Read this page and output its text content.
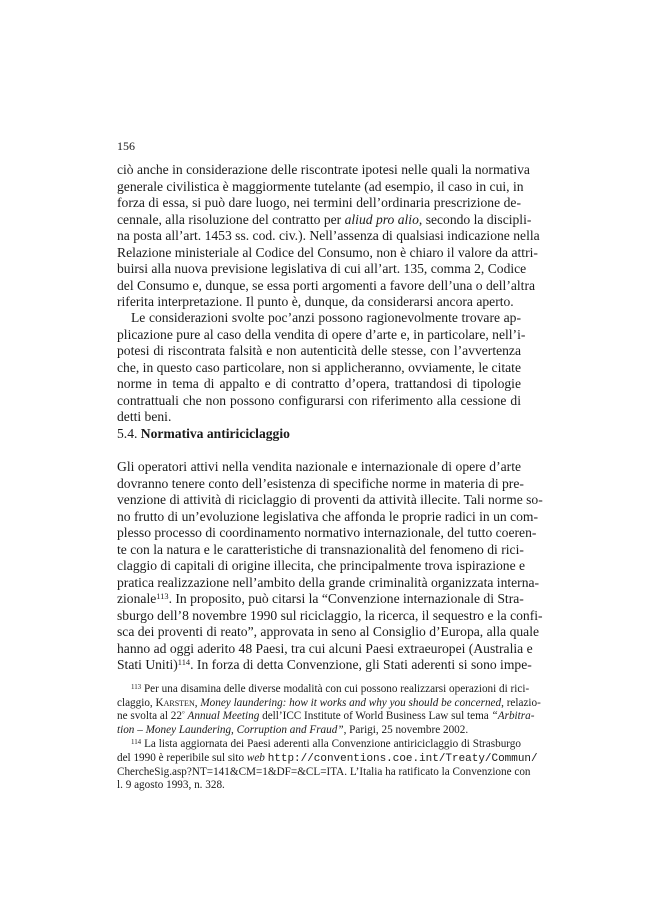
156
ciò anche in considerazione delle riscontrate ipotesi nelle quali la normativa
generale civilistica è maggiormente tutelante (ad esempio, il caso in cui, in
forza di essa, si può dare luogo, nei termini dell’ordinaria prescrizione de-
cennale, alla risoluzione del contratto per aliud pro alio, secondo la discipli-
na posta all’art. 1453 ss. cod. civ.). Nell’assenza di qualsiasi indicazione nella
Relazione ministeriale al Codice del Consumo, non è chiaro il valore da attri-
buirsi alla nuova previsione legislativa di cui all’art. 135, comma 2, Codice
del Consumo e, dunque, se essa porti argomenti a favore dell’una o dell’altra
riferita interpretazione. Il punto è, dunque, da considerarsi ancora aperto.
Le considerazioni svolte poc’anzi possono ragionevolmente trovare ap-
plicazione pure al caso della vendita di opere d’arte e, in particolare, nell’i-
potesi di riscontrata falsità e non autenticità delle stesse, con l’avvertenza
che, in questo caso particolare, non si applicheranno, ovviamente, le citate
norme in tema di appalto e di contratto d’opera, trattandosi di tipologie
contrattuali che non possono configurarsi con riferimento alla cessione di
detti beni.
5.4. Normativa antiriciclaggio
Gli operatori attivi nella vendita nazionale e internazionale di opere d’arte
dovranno tenere conto dell’esistenza di specifiche norme in materia di pre-
venzione di attività di riciclaggio di proventi da attività illecite. Tali norme so-
no frutto di un’evoluzione legislativa che affonda le proprie radici in un com-
plesso processo di coordinamento normativo internazionale, del tutto coeren-
te con la natura e le caratteristiche di transnazionalità del fenomeno di rici-
claggio di capitali di origine illecita, che principalmente trova ispirazione e
pratica realizzazione nell’ambito della grande criminalità organizzata interna-
zionale$^{113}$. In proposito, può citarsi la “Convenzione internazionale di Stra-
sburgo dell’8 novembre 1990 sul riciclaggio, la ricerca, il sequestro e la confi-
sca dei proventi di reato”, approvata in seno al Consiglio d’Europa, alla quale
hanno ad oggi aderito 48 Paesi, tra cui alcuni Paesi extraeuropei (Australia e
Stati Uniti)$^{114}$. In forza di detta Convenzione, gli Stati aderenti si sono impe-
$^{113}$ Per una disamina delle diverse modalità con cui possono realizzarsi operazioni di rici-
claggio, Karsten, Money laundering: how it works and why you should be concerned, relazio-
ne svolta al 22° Annual Meeting dell’ICC Institute of World Business Law sul tema “Arbitra-
tion – Money Laundering, Corruption and Fraud”, Parigi, 25 novembre 2002.
$^{114}$ La lista aggiornata dei Paesi aderenti alla Convenzione antiriciclaggio di Strasburgo
del 1990 è reperibile sul sito web http://conventions.coe.int/Treaty/Commun/
ChercheSig.asp?NT=141&CM=1&DF=&CL=ITA. L’Italia ha ratificato la Convenzione con
l. 9 agosto 1993, n. 328.
